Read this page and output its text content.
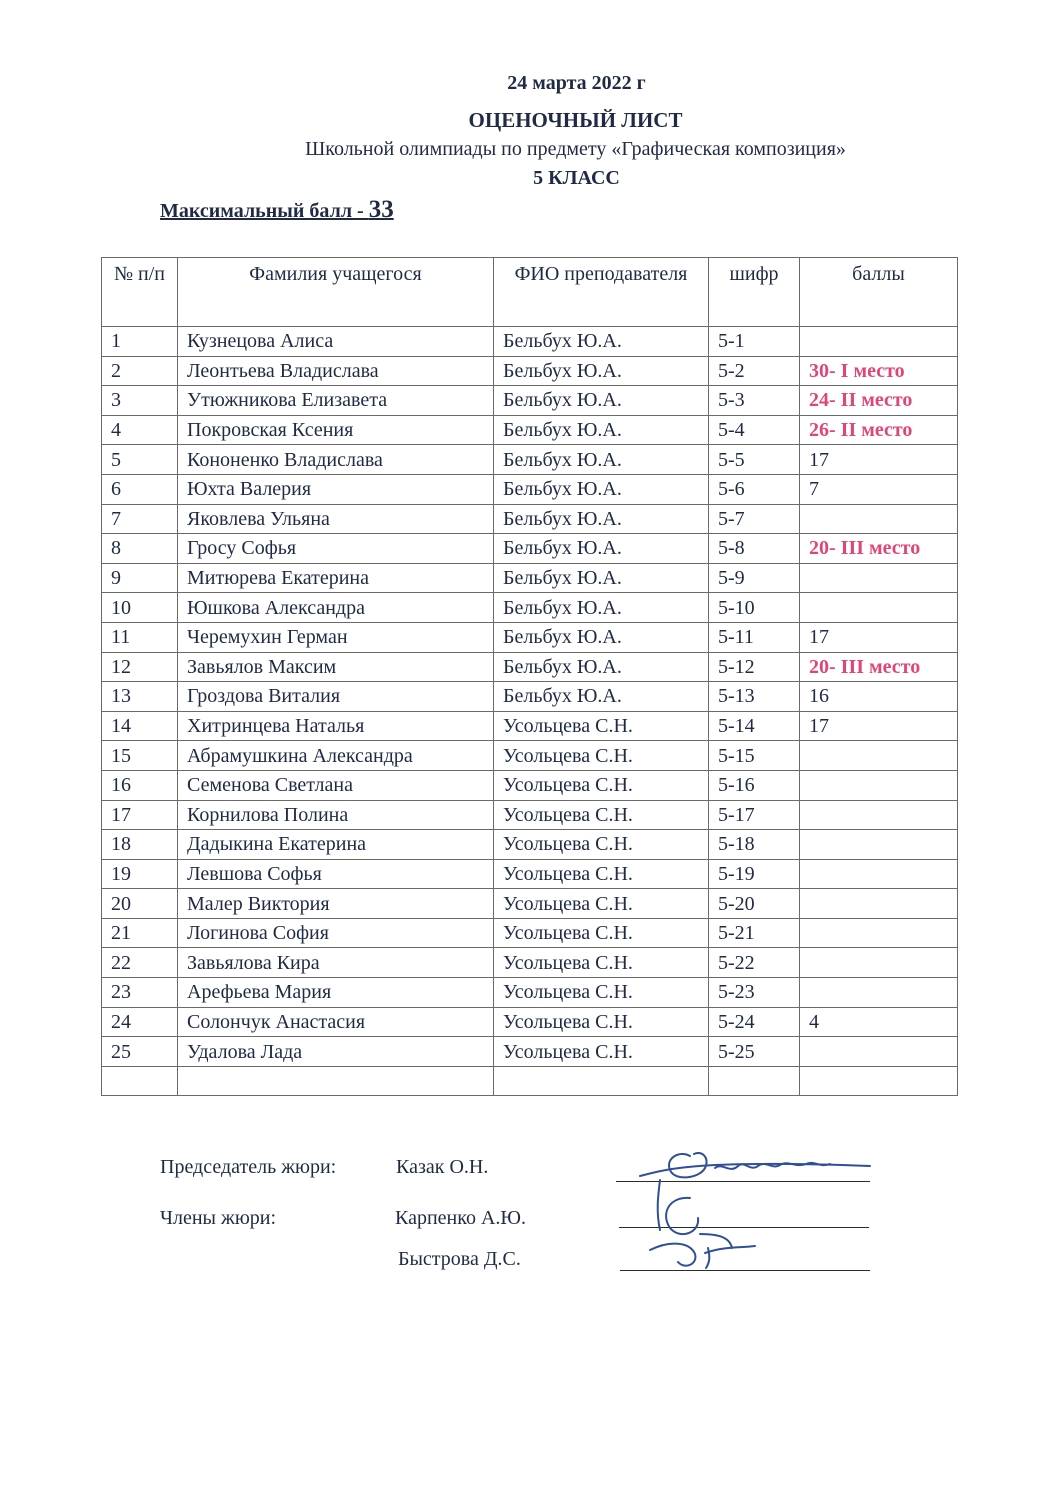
24 марта 2022 г
ОЦЕНОЧНЫЙ ЛИСТ
Школьной олимпиады по предмету «Графическая композиция»
5 КЛАСС
Максимальный балл - 33
№ п/п	Фамилия учащегося	ФИО преподавателя	шифр	баллы
1	Кузнецова Алиса	Бельбух Ю.А.	5-1	
2	Леонтьева Владислава	Бельбух Ю.А.	5-2	30- I место
3	Утюжникова Елизавета	Бельбух Ю.А.	5-3	24- II место
4	Покровская Ксения	Бельбух Ю.А.	5-4	26- II место
5	Кононенко Владислава	Бельбух Ю.А.	5-5	17
6	Юхта Валерия	Бельбух Ю.А.	5-6	7
7	Яковлева Ульяна	Бельбух Ю.А.	5-7	
8	Гросу Софья	Бельбух Ю.А.	5-8	20- III место
9	Митюрева Екатерина	Бельбух Ю.А.	5-9	
10	Юшкова Александра	Бельбух Ю.А.	5-10	
11	Черемухин Герман	Бельбух Ю.А.	5-11	17
12	Завьялов Максим	Бельбух Ю.А.	5-12	20- III место
13	Гроздова Виталия	Бельбух Ю.А.	5-13	16
14	Хитринцева Наталья	Усольцева С.Н.	5-14	17
15	Абрамушкина Александра	Усольцева С.Н.	5-15	
16	Семенова Светлана	Усольцева С.Н.	5-16	
17	Корнилова Полина	Усольцева С.Н.	5-17	
18	Дадыкина Екатерина	Усольцева С.Н.	5-18	
19	Левшова Софья	Усольцева С.Н.	5-19	
20	Малер Виктория	Усольцева С.Н.	5-20	
21	Логинова София	Усольцева С.Н.	5-21	
22	Завьялова Кира	Усольцева С.Н.	5-22	
23	Арефьева Мария	Усольцева С.Н.	5-23	
24	Солончук Анастасия	Усольцева С.Н.	5-24	4
25	Удалова Лада	Усольцева С.Н.	5-25	

Председатель жюри:	Казак О.Н.
Члены жюри:	Карпенко А.Ю.
Быстрова Д.С.
